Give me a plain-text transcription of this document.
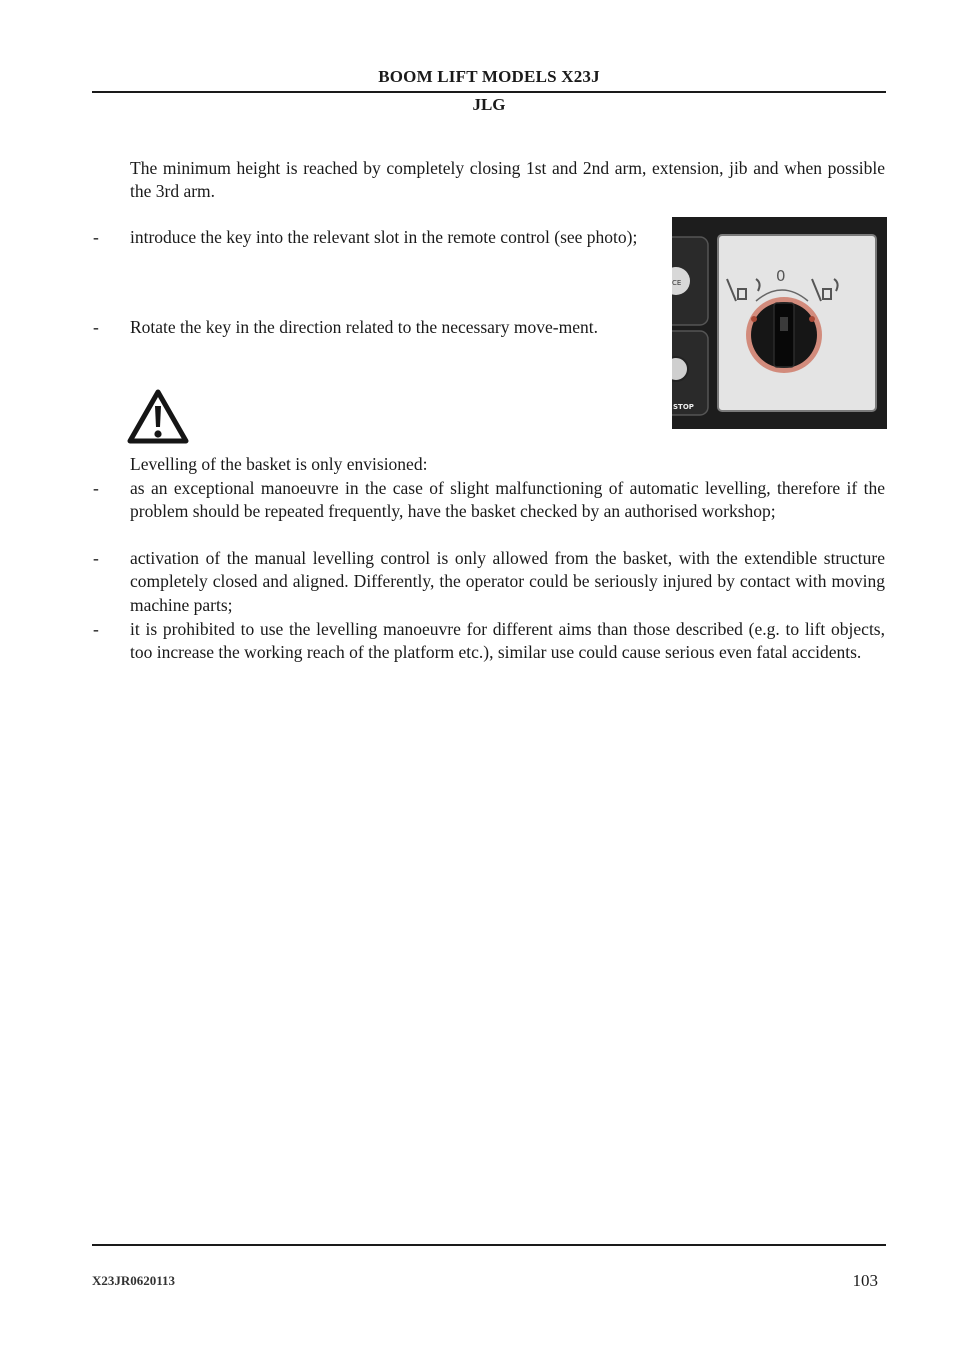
BOOM LIFT MODELS X23J
JLG
The minimum height is reached by completely closing 1st and 2nd arm, extension, jib and when possible the 3rd arm.
- introduce the key into the relevant slot in the remote control (see photo);
- Rotate the key in the direction related to the necessary move-ment.
CE
STOP
0
Levelling of the basket is only envisioned:
- as an exceptional manoeuvre in the case of slight malfunctioning of automatic levelling, therefore if the problem should be repeated frequently, have the basket checked by an authorised workshop;
- activation of the manual levelling control is only allowed from the basket, with the extendible structure completely closed and aligned. Differently, the operator could be seriously injured by contact with moving machine parts;
- it is prohibited to use the levelling manoeuvre for different aims than those described (e.g. to lift objects, too increase the working reach of the platform etc.), similar use could cause serious even fatal accidents.
X23JR0620113	103
